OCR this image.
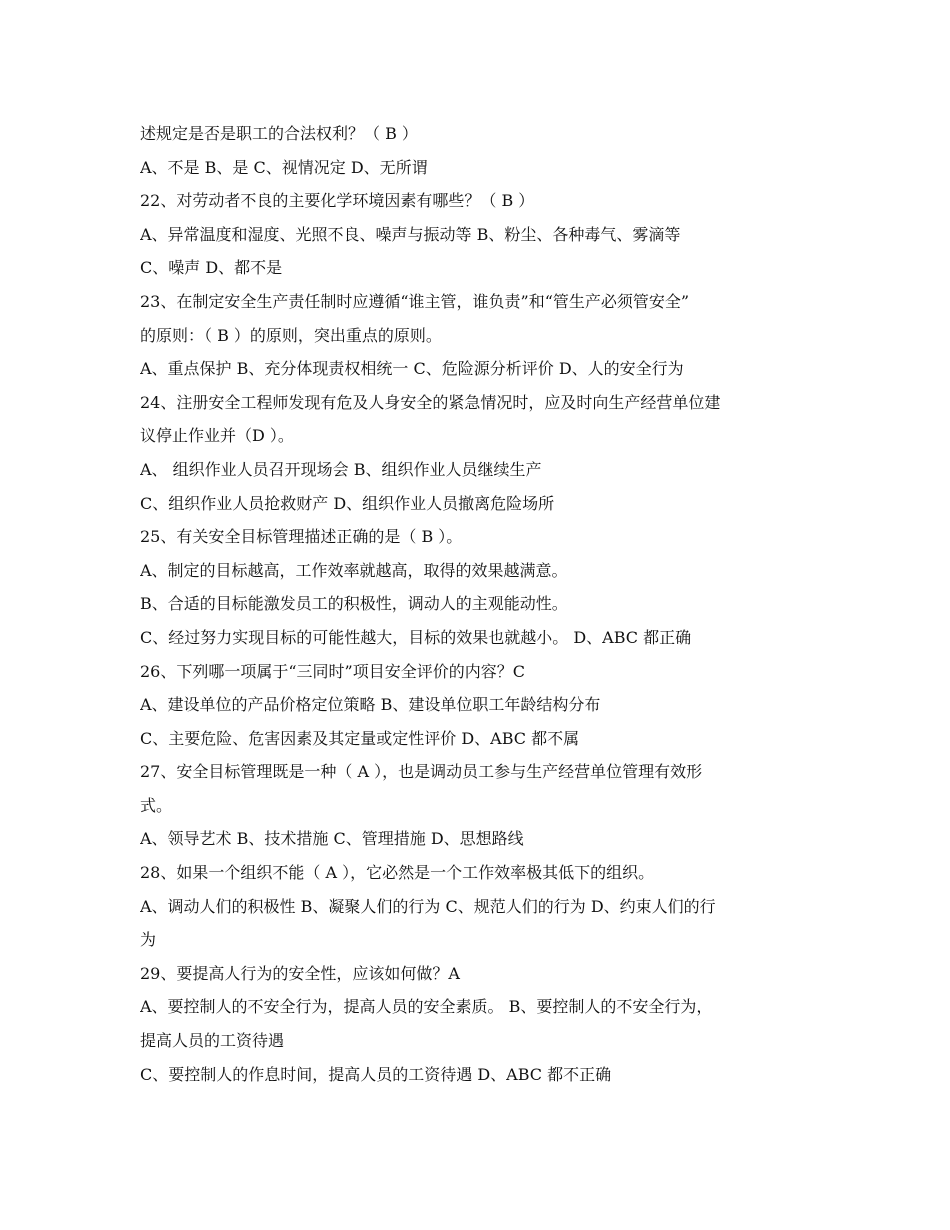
述规定是否是职工的合法权利？（ B ）
A、不是 B、是 C、视情况定 D、无所谓
22、对劳动者不良的主要化学环境因素有哪些？（ B ）
A、异常温度和湿度、光照不良、噪声与振动等 B、粉尘、各种毒气、雾滴等
C、噪声 D、都不是
23、在制定安全生产责任制时应遵循“谁主管，谁负责”和“管生产必须管安全”
的原则：（ B ）的原则，突出重点的原则。
A、重点保护 B、充分体现责权相统一 C、危险源分析评价 D、人的安全行为
24、注册安全工程师发现有危及人身安全的紧急情况时，应及时向生产经营单位建
议停止作业并（D ）。
A、 组织作业人员召开现场会 B、组织作业人员继续生产
C、组织作业人员抢救财产 D、组织作业人员撤离危险场所
25、有关安全目标管理描述正确的是（ B ）。
A、制定的目标越高，工作效率就越高，取得的效果越满意。
B、合适的目标能激发员工的积极性，调动人的主观能动性。
C、经过努力实现目标的可能性越大，目标的效果也就越小。 D、ABC 都正确
26、下列哪一项属于“三同时”项目安全评价的内容？C
A、建设单位的产品价格定位策略 B、建设单位职工年龄结构分布
C、主要危险、危害因素及其定量或定性评价 D、ABC 都不属
27、安全目标管理既是一种（ A ），也是调动员工参与生产经营单位管理有效形
式。
A、领导艺术 B、技术措施 C、管理措施 D、思想路线
28、如果一个组织不能（ A ），它必然是一个工作效率极其低下的组织。
A、调动人们的积极性 B、凝聚人们的行为 C、规范人们的行为 D、约束人们的行
为
29、要提高人行为的安全性，应该如何做？A
A、要控制人的不安全行为，提高人员的安全素质。 B、要控制人的不安全行为，
提高人员的工资待遇
C、要控制人的作息时间，提高人员的工资待遇 D、ABC 都不正确
